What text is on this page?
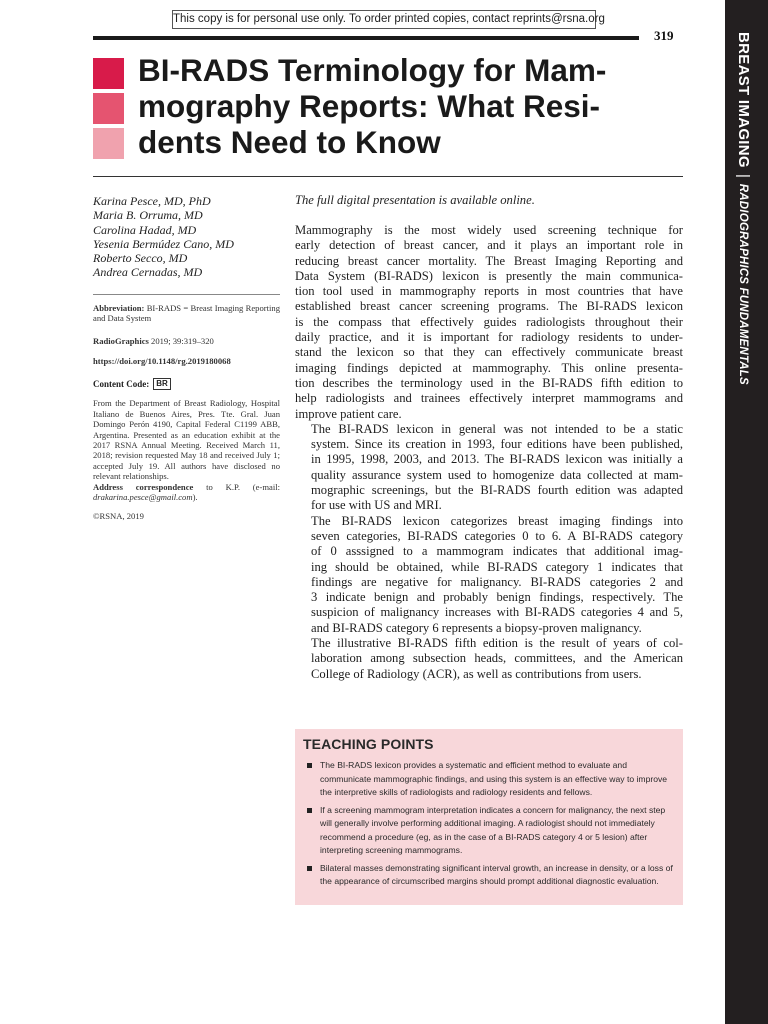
This copy is for personal use only. To order printed copies, contact reprints@rsna.org
319	BREAST IMAGING|RADIOGRAPHICS FUNDAMENTALS
BI-RADS Terminology for Mam-
mography Reports: What Resi-
dents Need to Know
Karina Pesce, MD, PhD
Maria B. Orruma, MD
Carolina Hadad, MD
Yesenia Bermúdez Cano, MD
Roberto Secco, MD
Andrea Cernadas, MD
Abbreviation: BI-RADS = Breast Imaging Reporting and Data System
RadioGraphics 2019; 39:319–320
https://doi.org/10.1148/rg.2019180068
Content Code: BR

From the Department of Breast Radiology, Hospital Italiano de Buenos Aires, Pres. Tte. Gral. Juan Domingo Perón 4190, Capital Federal C1199 ABB, Argentina. Presented as an education exhibit at the 2017 RSNA Annual Meeting. Received March 11, 2018; revision requested May 18 and received July 1; accepted July 19. All authors have disclosed no relevant relationships.

Address correspondence to K.P. (e-mail: drakarina.pesce@gmail.com).

©RSNA, 2019
The full digital presentation is available online.
Mammography is the most widely used screening technique for
early detection of breast cancer, and it plays an important role in
reducing breast cancer mortality. The Breast Imaging Reporting and
Data System (BI-RADS) lexicon is presently the main communica-
tion tool used in mammography reports in most countries that have
established breast cancer screening programs. The BI-RADS lexicon
is the compass that effectively guides radiologists throughout their
daily practice, and it is important for radiology residents to under-
stand the lexicon so that they can effectively communicate breast
imaging findings depicted at mammography. This online presenta-
tion describes the terminology used in the BI-RADS fifth edition to
help radiologists and trainees effectively interpret mammograms and
improve patient care.
The BI-RADS lexicon in general was not intended to be a static
system. Since its creation in 1993, four editions have been published,
in 1995, 1998, 2003, and 2013. The BI-RADS lexicon was initially a
quality assurance system used to homogenize data collected at mam-
mographic screenings, but the BI-RADS fourth edition was adapted
for use with US and MRI.
The BI-RADS lexicon categorizes breast imaging findings into
seven categories, BI-RADS categories 0 to 6. A BI-RADS category
of 0 asssigned to a mammogram indicates that additional imag-
ing should be obtained, while BI-RADS category 1 indicates that
findings are negative for malignancy. BI-RADS categories 2 and
3 indicate benign and probably benign findings, respectively. The
suspicion of malignancy increases with BI-RADS categories 4 and 5,
and BI-RADS category 6 represents a biopsy-proven malignancy.
The illustrative BI-RADS fifth edition is the result of years of col-
laboration among subsection heads, committees, and the American
College of Radiology (ACR), as well as contributions from users.
TEACHING POINTS
The BI-RADS lexicon provides a systematic and efficient method to evaluate and communicate mammographic findings, and using this system is an effective way to improve the interpretive skills of radiologists and radiology residents and fellows.
If a screening mammogram interpretation indicates a concern for malignancy, the next step will generally involve performing additional imaging. A radiologist should not immediately recommend a procedure (eg, as in the case of a BI-RADS category 4 or 5 lesion) after interpreting screening mammograms.
Bilateral masses demonstrating significant interval growth, an increase in density, or a loss of the appearance of circumscribed margins should prompt additional diagnostic evaluation.
